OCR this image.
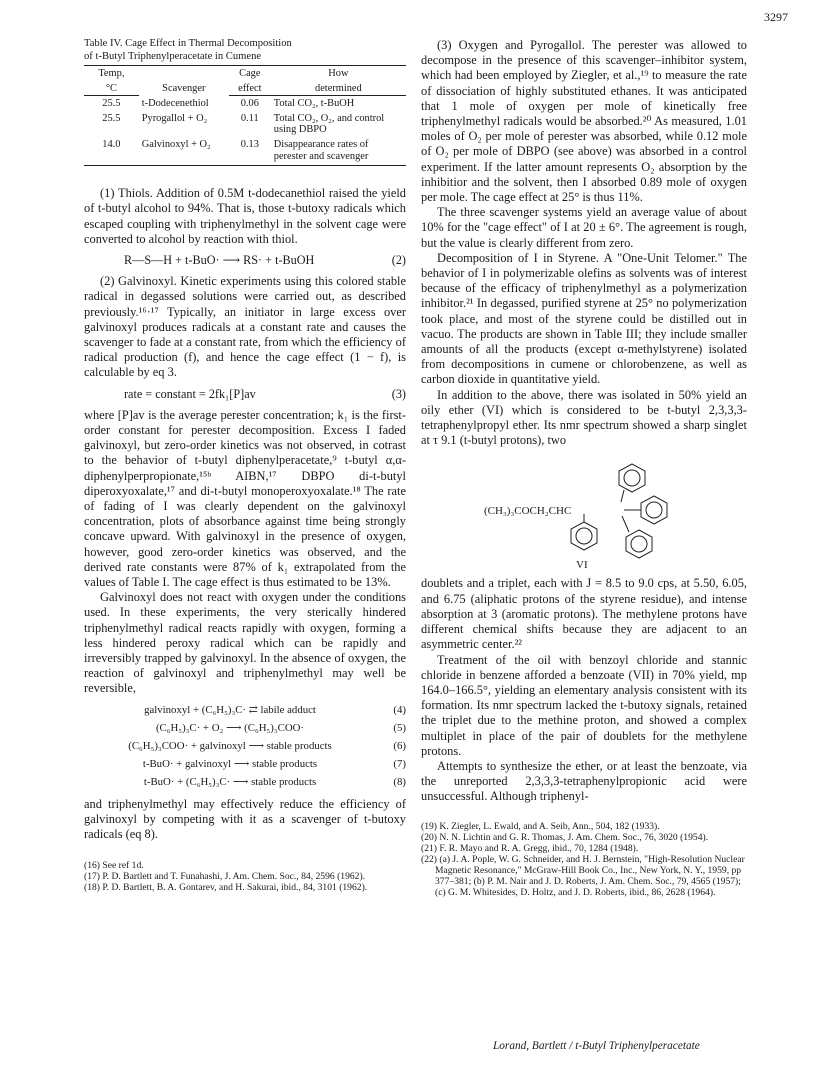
3297
Table IV. Cage Effect in Thermal Decomposition
of t-Butyl Triphenylperacetate in Cumene
Temp,	Scavenger	Cage	How
°C		effect	determined
25.5	t-Dodecenethiol	0.06	Total CO₂, t-BuOH
25.5	Pyrogallol + O₂	0.11	Total CO₂, O₂, and control using DBPO
14.0	Galvinoxyl + O₂	0.13	Disappearance rates of perester and scavenger

(1) Thiols. Addition of 0.5M t-dodecanethiol raised the yield of t-butyl alcohol to 94%. That is, those t-butoxy radicals which escaped coupling with triphenylmethyl in the solvent cage were converted to alcohol by reaction with thiol.

R—S—H + t-BuO· ⟶ RS· + t-BuOH	(2)

(2) Galvinoxyl. Kinetic experiments using this colored stable radical in degassed solutions were carried out, as described previously.¹⁶·¹⁷ Typically, an initiator in large excess over galvinoxyl produces radicals at a constant rate and causes the scavenger to fade at a constant rate, from which the efficiency of radical production (f), and hence the cage effect (1 − f), is calculable by eq 3.

rate = constant = 2fk₁[P]av	(3)

where [P]av is the average perester concentration; k₁ is the first-order constant for perester decomposition. Excess I faded galvinoxyl, but zero-order kinetics was not observed, in cotrast to the behavior of t-butyl diphenylperacetate,⁹ t-butyl α,α-diphenylperpropionate,¹⁵ᵇ AIBN,¹⁷ DBPO di-t-butyl diperoxyoxalate,¹⁷ and di-t-butyl monoperoxyoxalate.¹⁸ The rate of fading of I was clearly dependent on the galvinoxyl concentration, plots of absorbance against time being strongly concave upward. With galvinoxyl in the presence of oxygen, however, good zero-order kinetics was observed, and the derived rate constants were 87% of k₁ extrapolated from the values of Table I. The cage effect is thus estimated to be 13%.

Galvinoxyl does not react with oxygen under the conditions used. In these experiments, the very sterically hindered triphenylmethyl radical reacts rapidly with oxygen, forming a less hindered peroxy radical which can be rapidly and irreversibly trapped by galvinoxyl. In the absence of oxygen, the reaction of galvinoxyl and triphenylmethyl may well be reversible,

galvinoxyl + (C₆H₅)₃C· ⇄ labile adduct	(4)
(C₆H₅)₃C· + O₂ ⟶ (C₆H₅)₃COO·	(5)
(C₆H₅)₃COO· + galvinoxyl ⟶ stable products	(6)
t-BuO· + galvinoxyl ⟶ stable products	(7)
t-BuO· + (C₆H₅)₃C· ⟶ stable products	(8)

and triphenylmethyl may effectively reduce the efficiency of galvinoxyl by competing with it as a scavenger of t-butoxy radicals (eq 8).

(16) See ref 1d.

(17) P. D. Bartlett and T. Funahashi, J. Am. Chem. Soc., 84, 2596 (1962).

(18) P. D. Bartlett, B. A. Gontarev, and H. Sakurai, ibid., 84, 3101 (1962).

(3) Oxygen and Pyrogallol. The perester was allowed to decompose in the presence of this scavenger–inhibitor system, which had been employed by Ziegler, et al.,¹⁹ to measure the rate of dissociation of highly substituted ethanes. It was anticipated that 1 mole of oxygen per mole of kinetically free triphenylmethyl radicals would be absorbed.²⁰ As measured, 1.01 moles of O₂ per mole of perester was absorbed, while 0.12 mole of O₂ per mole of DBPO (see above) was absorbed in a control experiment. If the latter amount represents O₂ absorption by the inhibitior and the solvent, then I absorbed 0.89 mole of oxygen per mole. The cage effect at 25° is thus 11%.

The three scavenger systems yield an average value of about 10% for the "cage effect" of I at 20 ± 6°. The agreement is rough, but the value is clearly different from zero.

Decomposition of I in Styrene. A "One-Unit Telomer." The behavior of I in polymerizable olefins as solvents was of interest because of the efficacy of triphenylmethyl as a polymerization inhibitor.²¹ In degassed, purified styrene at 25° no polymerization took place, and most of the styrene could be distilled out in vacuo. The products are shown in Table III; they include smaller amounts of all the products (except α-methylstyrene) isolated from decompositions in cumene or chlorobenzene, as well as carbon dioxide in quantitative yield.

In addition to the above, there was isolated in 50% yield an oily ether (VI) which is considered to be t-butyl 2,3,3,3-tetraphenylpropyl ether. Its nmr spectrum showed a sharp singlet at τ 9.1 (t-butyl protons), two

(CH₃)₃COCH₂CHC
VI

doublets and a triplet, each with J = 8.5 to 9.0 cps, at 5.50, 6.05, and 6.75 (aliphatic protons of the styrene residue), and intense absorption at 3 (aromatic protons). The methylene protons have different chemical shifts because they are adjacent to an asymmetric center.²²

Treatment of the oil with benzoyl chloride and stannic chloride in benzene afforded a benzoate (VII) in 70% yield, mp 164.0–166.5°, yielding an elementary analysis consistent with its formation. Its nmr spectrum lacked the t-butoxy signals, retained the triplet due to the methine proton, and showed a complex multiplet in place of the pair of doublets for the methylene protons.

Attempts to synthesize the ether, or at least the benzoate, via the unreported 2,3,3,3-tetraphenylpropionic acid were unsuccessful. Although triphenyl-

(19) K. Ziegler, L. Ewald, and A. Seib, Ann., 504, 182 (1933).

(20) N. N. Lichtin and G. R. Thomas, J. Am. Chem. Soc., 76, 3020 (1954).

(21) F. R. Mayo and R. A. Gregg, ibid., 70, 1284 (1948).

(22) (a) J. A. Pople, W. G. Schneider, and H. J. Bernstein, "High-Resolution Nuclear Magnetic Resonance," McGraw-Hill Book Co., Inc., New York, N. Y., 1959, pp 377–381; (b) P. M. Nair and J. D. Roberts, J. Am. Chem. Soc., 79, 4565 (1957); (c) G. M. Whitesides, D. Holtz, and J. D. Roberts, ibid., 86, 2628 (1964).

Lorand, Bartlett / t-Butyl Triphenylperacetate
